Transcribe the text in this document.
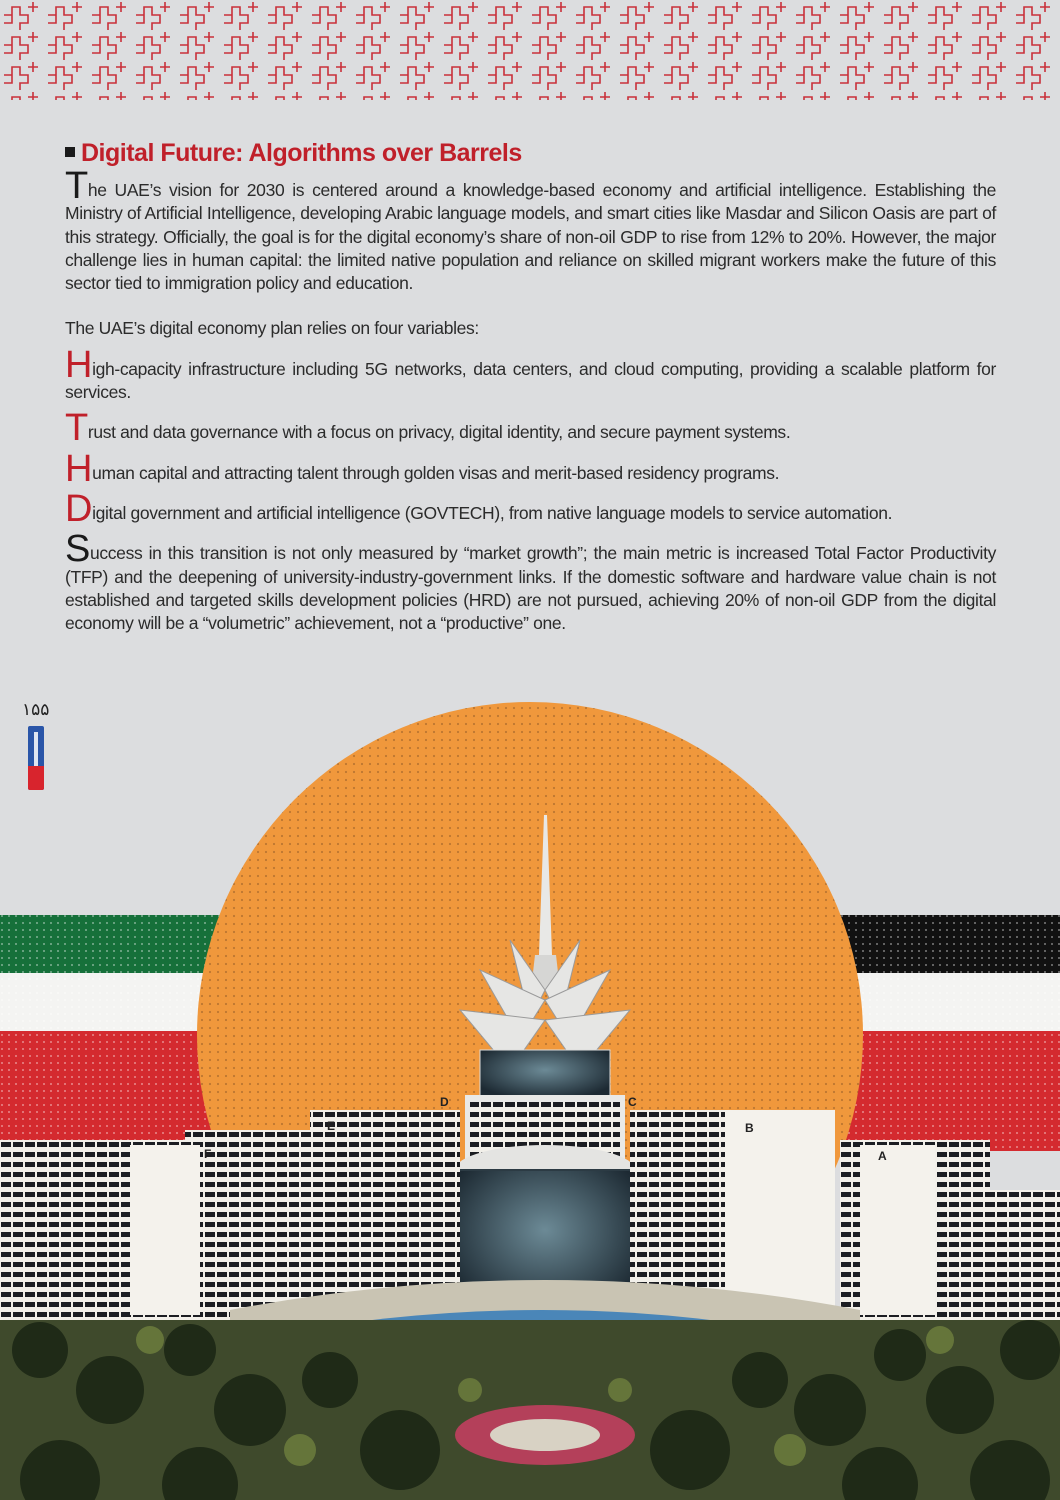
Digital Future: Algorithms over Barrels

The UAE’s vision for 2030 is centered around a knowledge-based economy and artificial intelligence. Establishing the Ministry of Artificial Intelligence, developing Arabic language models, and smart cities like Masdar and Silicon Oasis are part of this strategy. Officially, the goal is for the digital economy’s share of non-oil GDP to rise from 12% to 20%. However, the major challenge lies in human capital: the limited native population and reliance on skilled migrant workers make the future of this sector tied to immigration policy and education.

The UAE’s digital economy plan relies on four variables:

High-capacity infrastructure including 5G networks, data centers, and cloud computing, providing a scalable platform for services.

Trust and data governance with a focus on privacy, digital identity, and secure payment systems.

Human capital and attracting talent through golden visas and merit-based residency programs.

Digital government and artificial intelligence (GOVTECH), from native language models to service automation.

Success in this transition is not only measured by “market growth”; the main metric is increased Total Factor Productivity (TFP) and the deepening of university-industry-government links. If the domestic software and hardware value chain is not established and targeted skills development policies (HRD) are not pursued, achieving 20% of non-oil GDP from the digital economy will be a “volumetric” achievement, not a “productive” one.

۱۵۵
D	C
E	B
F	A
